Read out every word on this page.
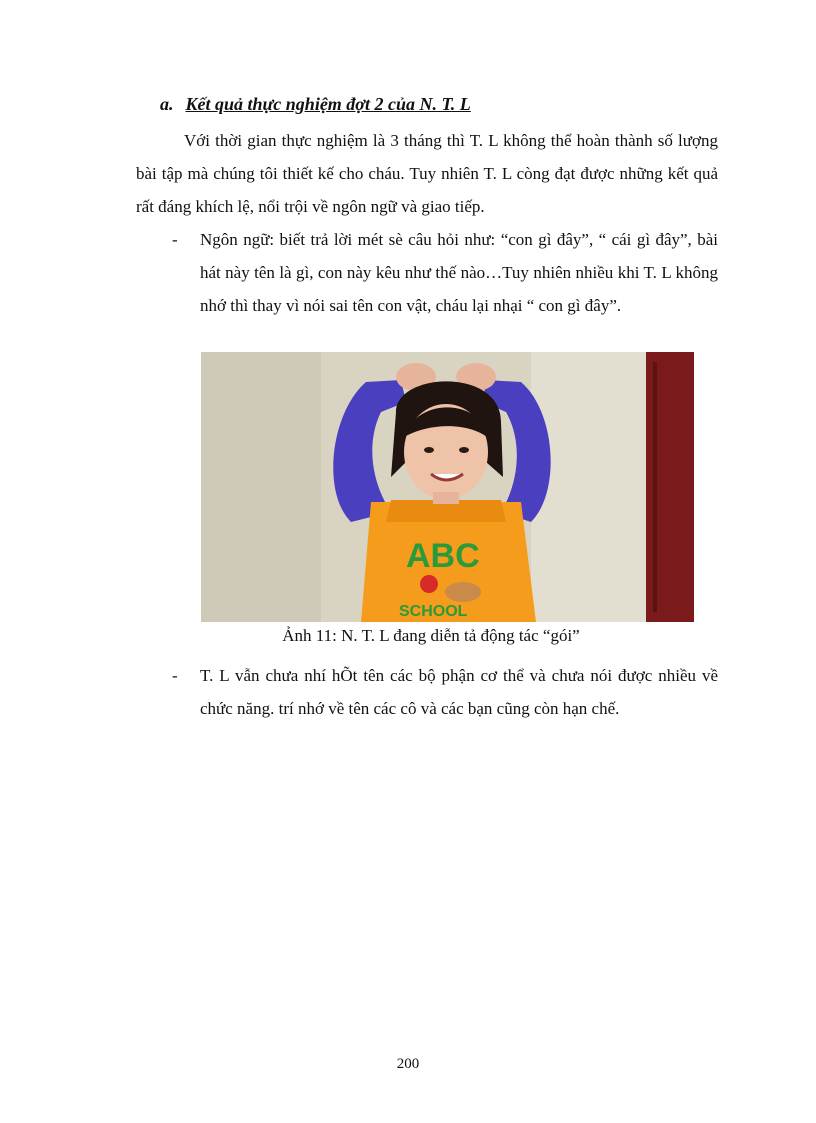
a. Kết quả thực nghiệm đợt 2 của N. T. L

Với thời gian thực nghiệm là 3 tháng thì T. L không thể hoàn thành số lượng bài tập mà chúng tôi thiết kế cho cháu. Tuy nhiên T. L còng đạt được những kết quả rất đáng khích lệ, nổi trội về ngôn ngữ và giao tiếp.

- Ngôn ngữ: biết trả lời mét sè câu hỏi như: “con gì đây”, “ cái gì đây”, bài hát này tên là gì, con này kêu như thế nào…Tuy nhiên nhiều khi T. L không nhớ thì thay vì nói sai tên con vật, cháu lại nhại “ con gì đây”.
ABC
SCHOOL
Ảnh 11: N. T. L đang diễn tả động tác “gói”
- T. L vẫn chưa nhí hÕt tên các bộ phận cơ thể và chưa nói được nhiều về chức năng. trí nhớ về tên các cô và các bạn cũng còn hạn chế.
200
